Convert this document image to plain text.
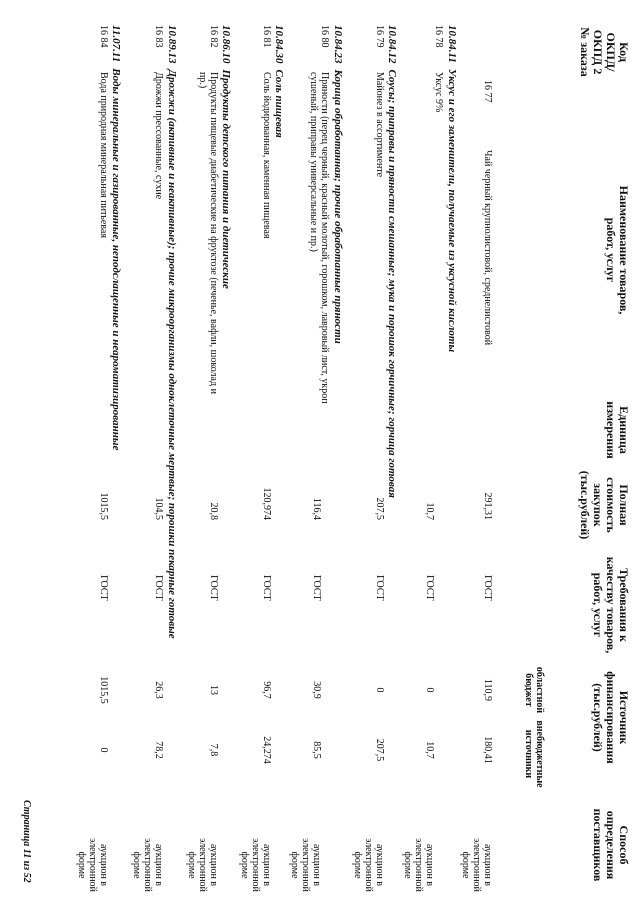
Код
ОКПД/
ОКПД 2
№ заказа
Наименование товаров,
работ, услуг
Единица
измерения
Полная
стоимость
закупок
(тыс.рублей)
Требования к
качеству товаров,
работ, услуг
Источник
финансирования
(тыс.рублей)
областной
бюджет
внебюджетные
источники
Способ
определения
поставщиков
16 77
Чай черный крупнолистовой, среднелистовой
291,31
ГОСТ
110,9
180,41
аукцион в электронной форме
10.84.11Уксус и его заменители, получаемые из уксусной кислоты
16 78
Уксус 9%
10,7
ГОСТ
0
10,7
аукцион в электронной форме
10.84.12Соусы; приправы и пряности смешанные; мука и порошок горчичные; горчица готовая
16 79
Майонез в ассортименте
207,5
ГОСТ
0
207,5
аукцион в электронной форме
10.84.23Корица обработанная; прочие обработанные пряности
16 80
Пряности (перец черный, красный молотый, горошком, лавровый лист, укроп сушеный, приправы универсальные и пр.)
116,4
ГОСТ
30,9
85,5
аукцион в электронной форме
10.84.30Соль пищевая
16 81
Соль йодированная, каменная пищевая
120,974
ГОСТ
96,7
24,274
аукцион в электронной форме
10.86.10Продукты детского питания и диетические
16 82
Продукты пищевые диабетические на фруктозе (печенье, вафли, шоколад и пр.)
20,8
ГОСТ
13
7,8
аукцион в электронной форме
10.89.13Дрожжи (активные и неактивные); прочие микроорганизмы одноклеточные мертвые; порошки пекарные готовые
16 83
Дрожжи прессованные, сухие
104,5
ГОСТ
26,3
78,2
аукцион в электронной форме
11.07.11Воды минеральные и газированные, неподслащенные и неароматизированные
16 84
Вода природная минеральная питьевая
1015,5
ГОСТ
1015,5
0
аукцион в электронной форме
Страница 11 из 52
